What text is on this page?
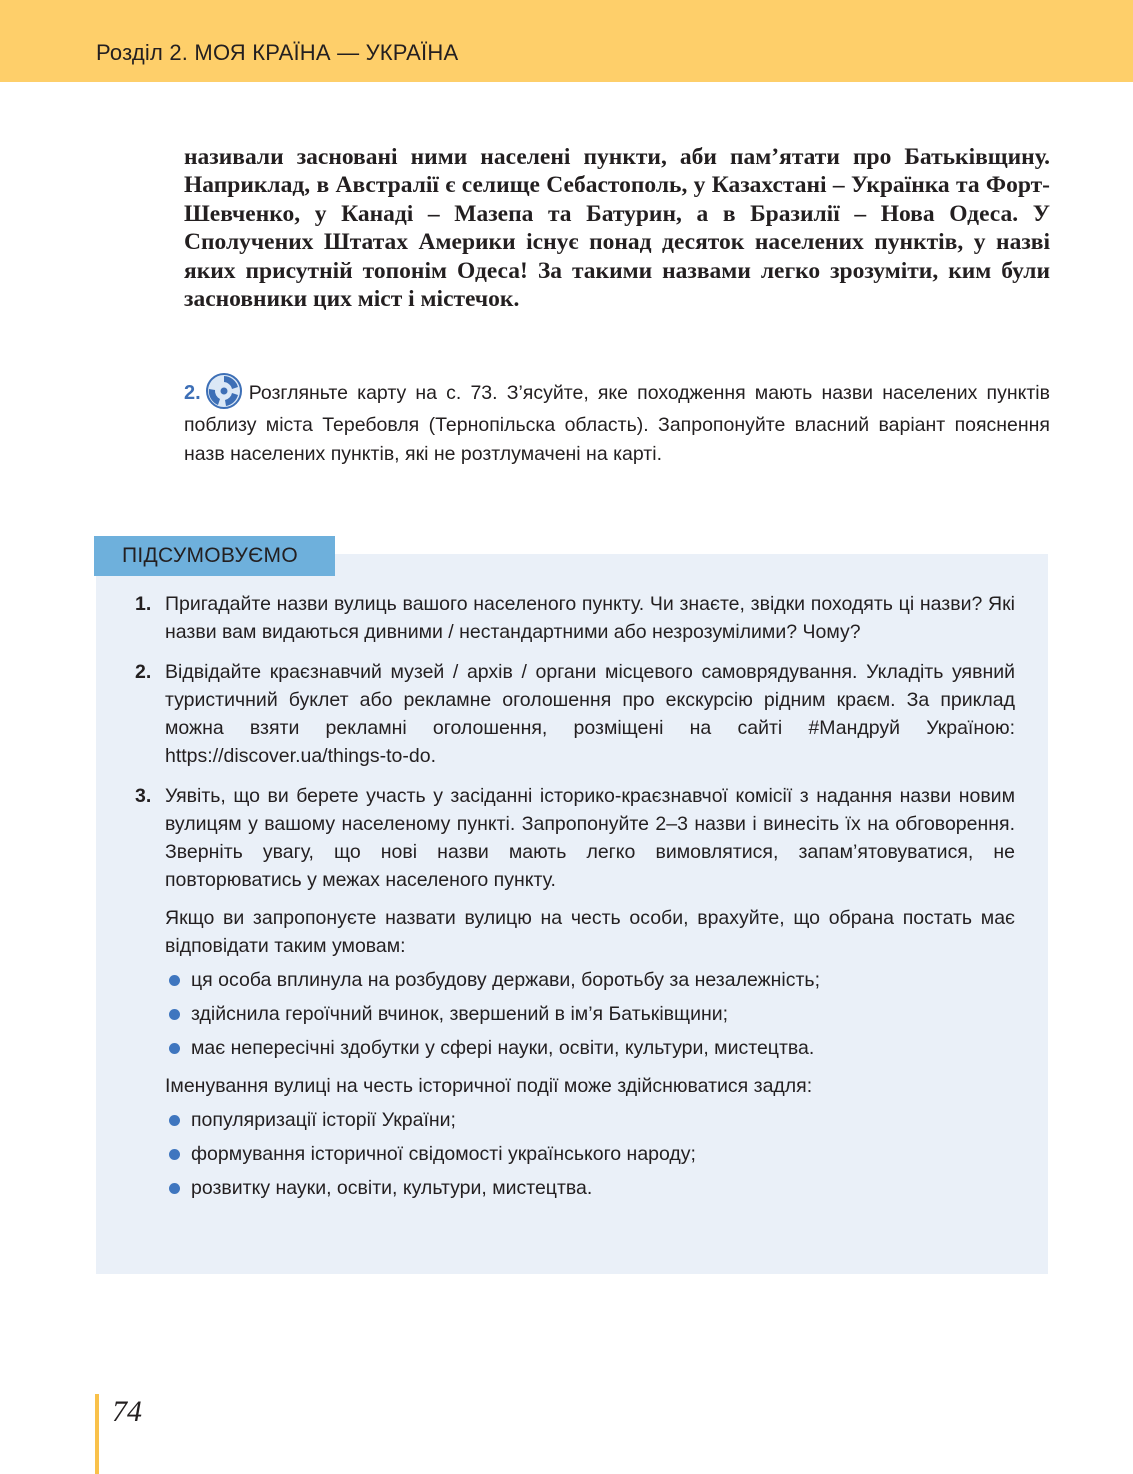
Розділ 2. МОЯ КРАЇНА — УКРАЇНА
називали засновані ними населені пункти, аби пам’ятати про Батьківщину. Наприклад, в Австралії є селище Себастополь, у Казахстані – Українка та Форт-Шевченко, у Канаді – Мазепа та Батурин, а в Бразилії – Нова Одеса. У Сполучених Штатах Америки існує понад десяток населених пунктів, у назві яких присутній топонім Одеса! За такими назвами легко зрозуміти, ким були засновники цих міст і містечок.
2. Розгляньте карту на с. 73. З’ясуйте, яке походження мають назви населених пунктів поблизу міста Теребовля (Тернопільска область). Запропонуйте власний варіант пояснення назв населених пунктів, які не розтлумачені на карті.
ПІДСУМОВУЄМО
1. Пригадайте назви вулиць вашого населеного пункту. Чи знаєте, звідки походять ці назви? Які назви вам видаються дивними / нестандартними або незрозумілими? Чому?
2. Відвідайте краєзнавчий музей / архів / органи місцевого самоврядування. Укладіть уявний туристичний буклет або рекламне оголошення про екскурсію рідним краєм. За приклад можна взяти рекламні оголошення, розміщені на сайті #Мандруй Україною: https://discover.ua/things-to-do.
3. Уявіть, що ви берете участь у засіданні історико-краєзнавчої комісії з надання назви новим вулицям у вашому населеному пункті. Запропонуйте 2–3 назви і винесіть їх на обговорення. Зверніть увагу, що нові назви мають легко вимовлятися, запам’ятовуватися, не повторюватись у межах населеного пункту.
Якщо ви запропонуєте назвати вулицю на честь особи, врахуйте, що обрана постать має відповідати таким умовам:
ця особа вплинула на розбудову держави, боротьбу за незалежність;
здійснила героїчний вчинок, звершений в ім’я Батьківщини;
має непересічні здобутки у сфері науки, освіти, культури, мистецтва.
Іменування вулиці на честь історичної події може здійснюватися задля:
популяризації історії України;
формування історичної свідомості українського народу;
розвитку науки, освіти, культури, мистецтва.
74
